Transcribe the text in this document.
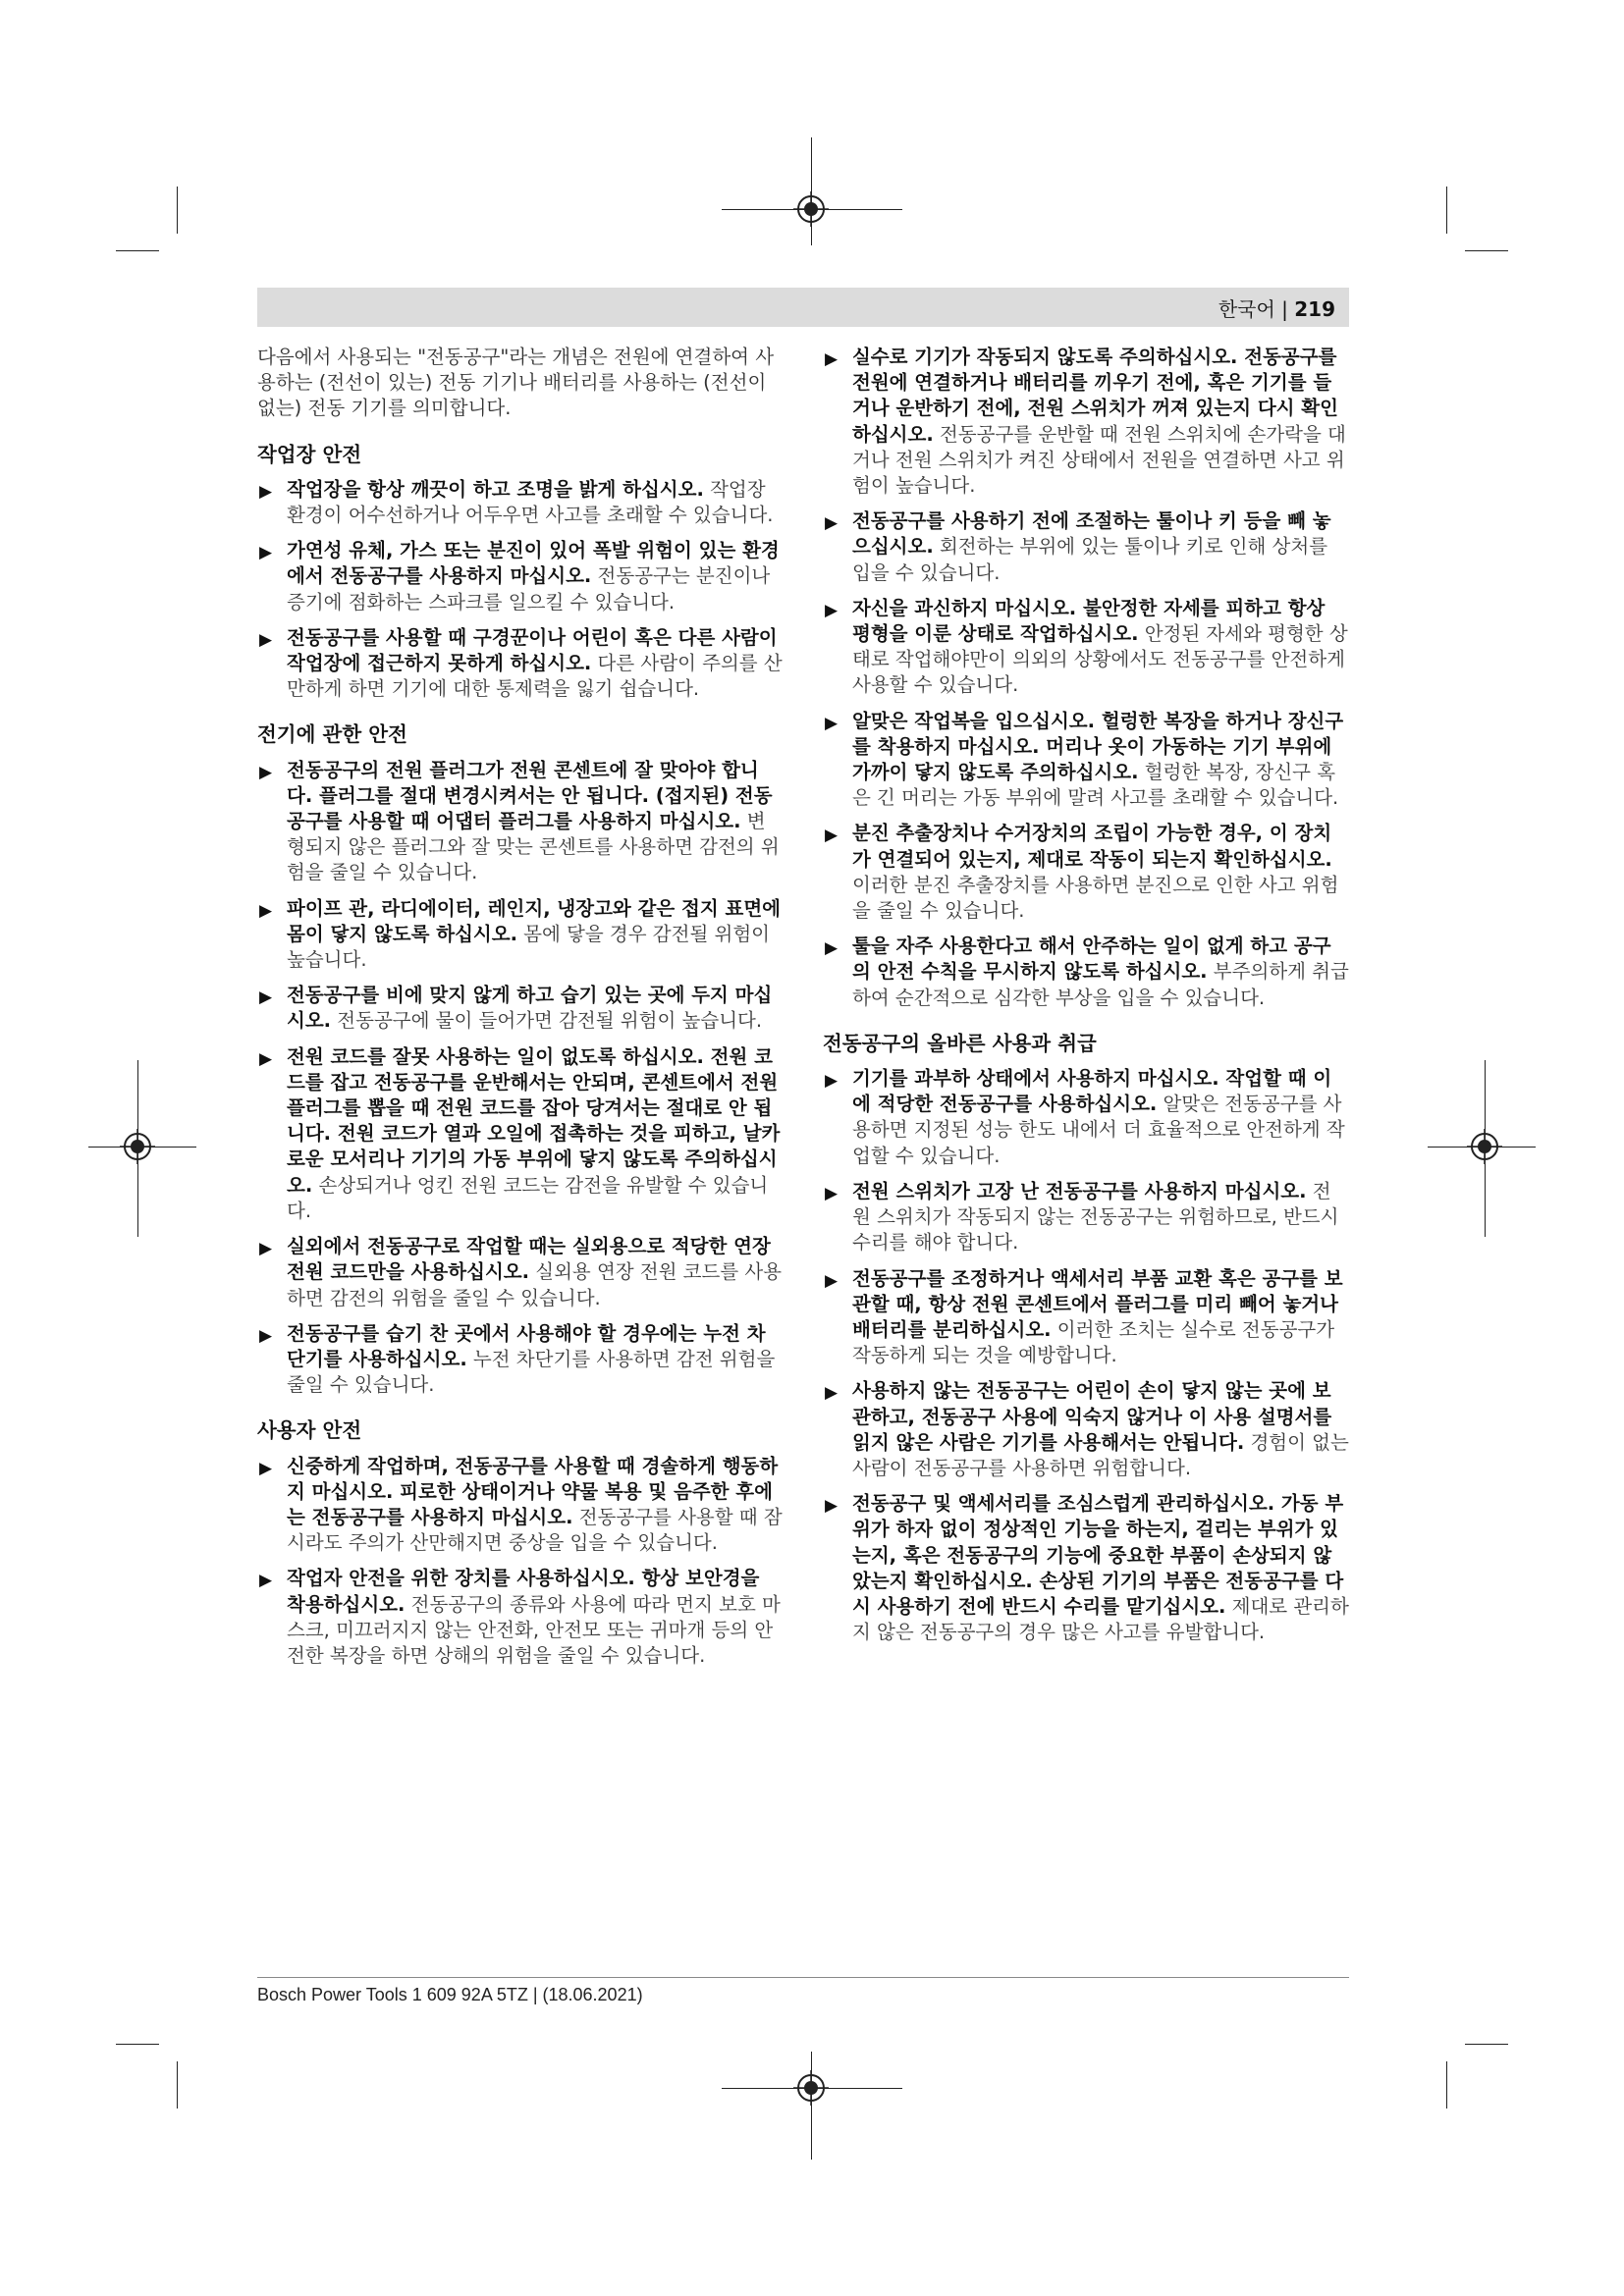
한국어 | 219

다음에서 사용되는 "전동공구"라는 개념은 전원에 연결하여 사용하는 (전선이 있는) 전동 기기나 배터리를 사용하는 (전선이 없는) 전동 기기를 의미합니다.

작업장 안전
▶ 작업장을 항상 깨끗이 하고 조명을 밝게 하십시오. 작업장 환경이 어수선하거나 어두우면 사고를 초래할 수 있습니다.
▶ 가연성 유체, 가스 또는 분진이 있어 폭발 위험이 있는 환경에서 전동공구를 사용하지 마십시오. 전동공구는 분진이나 증기에 점화하는 스파크를 일으킬 수 있습니다.
▶ 전동공구를 사용할 때 구경꾼이나 어린이 혹은 다른 사람이 작업장에 접근하지 못하게 하십시오. 다른 사람이 주의를 산만하게 하면 기기에 대한 통제력을 잃기 쉽습니다.
전기에 관한 안전
▶ 전동공구의 전원 플러그가 전원 콘센트에 잘 맞아야 합니다. 플러그를 절대 변경시켜서는 안 됩니다. (접지된) 전동공구를 사용할 때 어댑터 플러그를 사용하지 마십시오. 변형되지 않은 플러그와 잘 맞는 콘센트를 사용하면 감전의 위험을 줄일 수 있습니다.
▶ 파이프 관, 라디에이터, 레인지, 냉장고와 같은 접지 표면에 몸이 닿지 않도록 하십시오. 몸에 닿을 경우 감전될 위험이 높습니다.
▶ 전동공구를 비에 맞지 않게 하고 습기 있는 곳에 두지 마십시오. 전동공구에 물이 들어가면 감전될 위험이 높습니다.
▶ 전원 코드를 잘못 사용하는 일이 없도록 하십시오. 전원 코드를 잡고 전동공구를 운반해서는 안되며, 콘센트에서 전원 플러그를 뽑을 때 전원 코드를 잡아 당겨서는 절대로 안 됩니다. 전원 코드가 열과 오일에 접촉하는 것을 피하고, 날카로운 모서리나 기기의 가동 부위에 닿지 않도록 주의하십시오. 손상되거나 엉킨 전원 코드는 감전을 유발할 수 있습니다.
▶ 실외에서 전동공구로 작업할 때는 실외용으로 적당한 연장 전원 코드만을 사용하십시오. 실외용 연장 전원 코드를 사용하면 감전의 위험을 줄일 수 있습니다.
▶ 전동공구를 습기 찬 곳에서 사용해야 할 경우에는 누전 차단기를 사용하십시오. 누전 차단기를 사용하면 감전 위험을 줄일 수 있습니다.
사용자 안전
▶ 신중하게 작업하며, 전동공구를 사용할 때 경솔하게 행동하지 마십시오. 피로한 상태이거나 약물 복용 및 음주한 후에는 전동공구를 사용하지 마십시오. 전동공구를 사용할 때 잠시라도 주의가 산만해지면 중상을 입을 수 있습니다.
▶ 작업자 안전을 위한 장치를 사용하십시오. 항상 보안경을 착용하십시오. 전동공구의 종류와 사용에 따라 먼지 보호 마스크, 미끄러지지 않는 안전화, 안전모 또는 귀마개 등의 안전한 복장을 하면 상해의 위험을 줄일 수 있습니다.
▶ 실수로 기기가 작동되지 않도록 주의하십시오. 전동공구를 전원에 연결하거나 배터리를 끼우기 전에, 혹은 기기를 들거나 운반하기 전에, 전원 스위치가 꺼져 있는지 다시 확인하십시오. 전동공구를 운반할 때 전원 스위치에 손가락을 대거나 전원 스위치가 켜진 상태에서 전원을 연결하면 사고 위험이 높습니다.
▶ 전동공구를 사용하기 전에 조절하는 툴이나 키 등을 빼 놓으십시오. 회전하는 부위에 있는 툴이나 키로 인해 상처를 입을 수 있습니다.
▶ 자신을 과신하지 마십시오. 불안정한 자세를 피하고 항상 평형을 이룬 상태로 작업하십시오. 안정된 자세와 평형한 상태로 작업해야만이 의외의 상황에서도 전동공구를 안전하게 사용할 수 있습니다.
▶ 알맞은 작업복을 입으십시오. 헐렁한 복장을 하거나 장신구를 착용하지 마십시오. 머리나 옷이 가동하는 기기 부위에 가까이 닿지 않도록 주의하십시오. 헐렁한 복장, 장신구 혹은 긴 머리는 가동 부위에 말려 사고를 초래할 수 있습니다.
▶ 분진 추출장치나 수거장치의 조립이 가능한 경우, 이 장치가 연결되어 있는지, 제대로 작동이 되는지 확인하십시오. 이러한 분진 추출장치를 사용하면 분진으로 인한 사고 위험을 줄일 수 있습니다.
▶ 툴을 자주 사용한다고 해서 안주하는 일이 없게 하고 공구의 안전 수칙을 무시하지 않도록 하십시오. 부주의하게 취급하여 순간적으로 심각한 부상을 입을 수 있습니다.
전동공구의 올바른 사용과 취급
▶ 기기를 과부하 상태에서 사용하지 마십시오. 작업할 때 이에 적당한 전동공구를 사용하십시오. 알맞은 전동공구를 사용하면 지정된 성능 한도 내에서 더 효율적으로 안전하게 작업할 수 있습니다.
▶ 전원 스위치가 고장 난 전동공구를 사용하지 마십시오. 전원 스위치가 작동되지 않는 전동공구는 위험하므로, 반드시 수리를 해야 합니다.
▶ 전동공구를 조정하거나 액세서리 부품 교환 혹은 공구를 보관할 때, 항상 전원 콘센트에서 플러그를 미리 빼어 놓거나 배터리를 분리하십시오. 이러한 조치는 실수로 전동공구가 작동하게 되는 것을 예방합니다.
▶ 사용하지 않는 전동공구는 어린이 손이 닿지 않는 곳에 보관하고, 전동공구 사용에 익숙지 않거나 이 사용 설명서를 읽지 않은 사람은 기기를 사용해서는 안됩니다. 경험이 없는 사람이 전동공구를 사용하면 위험합니다.
▶ 전동공구 및 액세서리를 조심스럽게 관리하십시오. 가동 부위가 하자 없이 정상적인 기능을 하는지, 걸리는 부위가 있는지, 혹은 전동공구의 기능에 중요한 부품이 손상되지 않았는지 확인하십시오. 손상된 기기의 부품은 전동공구를 다시 사용하기 전에 반드시 수리를 맡기십시오. 제대로 관리하지 않은 전동공구의 경우 많은 사고를 유발합니다.
Bosch Power Tools 1 609 92A 5TZ | (18.06.2021)
